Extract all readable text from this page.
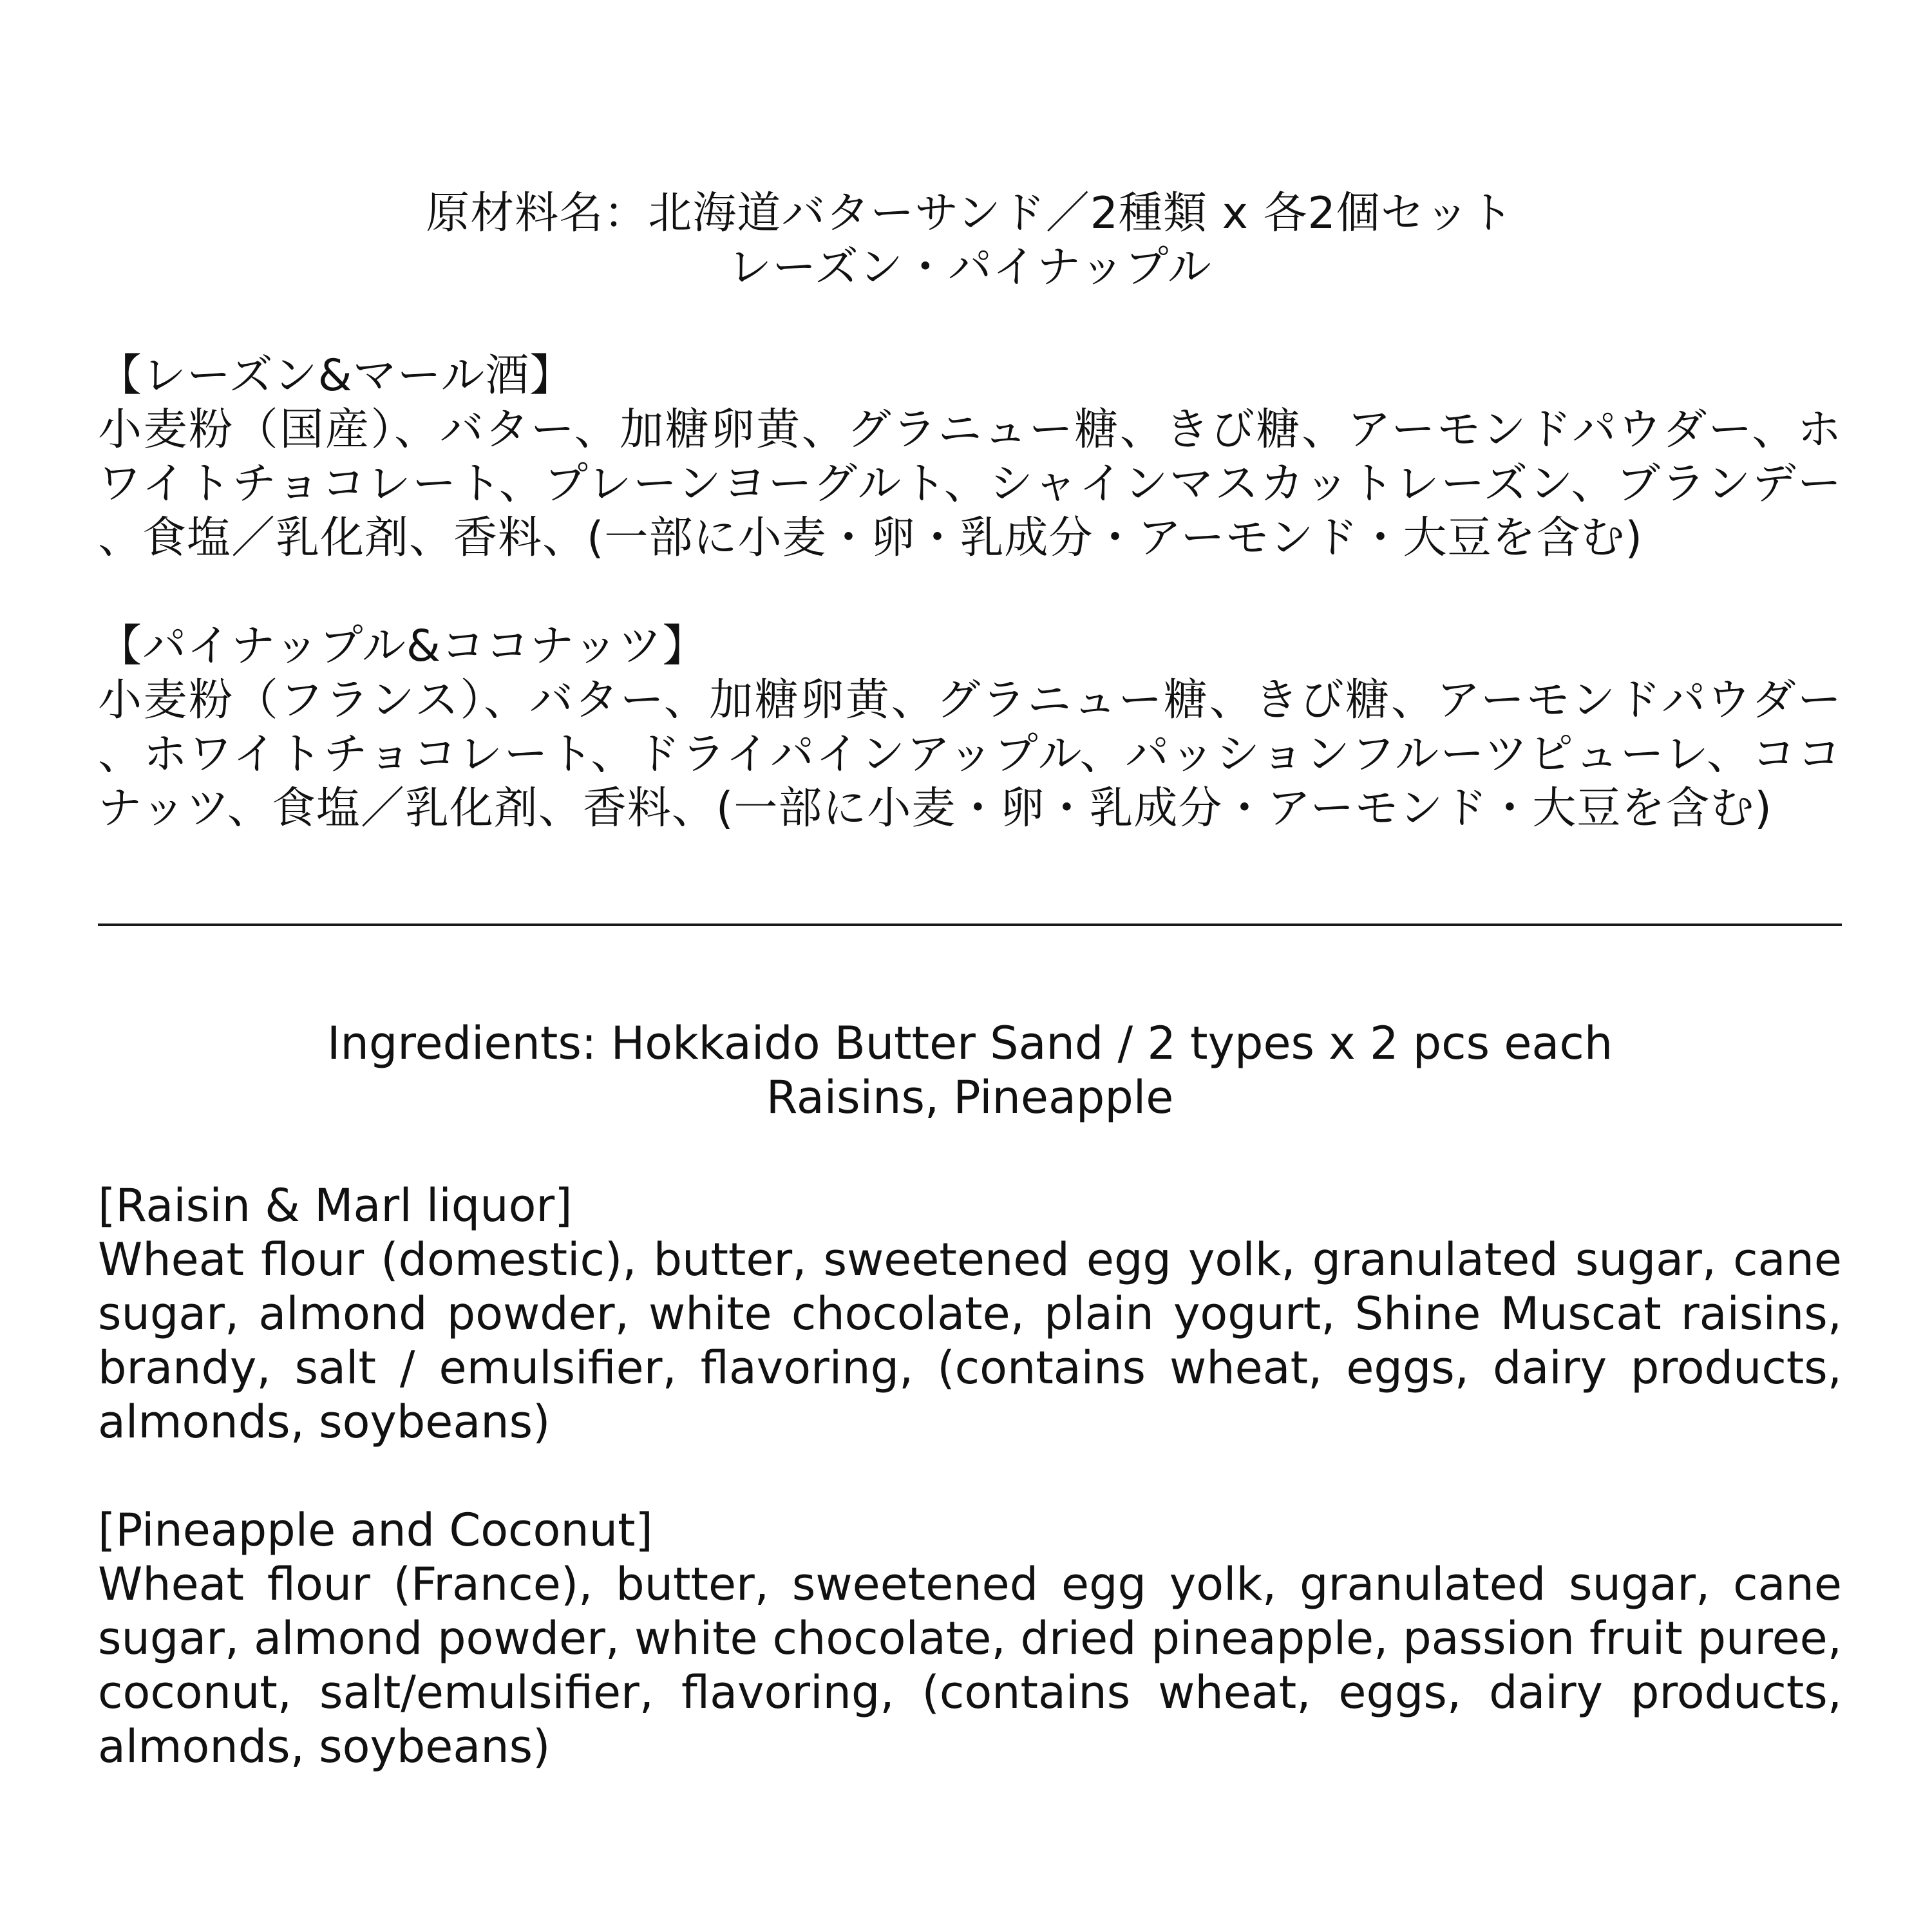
原材料名：北海道バターサンド／2種類 x 各2個セット
レーズン・パイナップル
【レーズン&マール酒】
小麦粉（国産）、バター、加糖卵黄、グラニュー糖、きび糖、アーモンドパウダー、ホワイトチョコレート、プレーンヨーグルト、シャインマスカットレーズン、ブランデー、食塩／乳化剤、香料、(一部に小麦・卵・乳成分・アーモンド・大豆を含む)
【パイナップル&ココナッツ】
小麦粉（フランス）、バター、加糖卵黄、グラニュー糖、きび糖、アーモンドパウダー、ホワイトチョコレート、ドライパインアップル、パッションフルーツピューレ、ココナッツ、食塩／乳化剤、香料、(一部に小麦・卵・乳成分・アーモンド・大豆を含む)
Ingredients: Hokkaido Butter Sand / 2 types x 2 pcs each
Raisins, Pineapple
[Raisin & Marl liquor]
Wheat flour (domestic), butter, sweetened egg yolk, granulated sugar, cane sugar, almond powder, white chocolate, plain yogurt, Shine Muscat raisins, brandy, salt / emulsifier, flavoring, (contains wheat, eggs, dairy products, almonds, soybeans)
[Pineapple and Coconut]
Wheat flour (France), butter, sweetened egg yolk, granulated sugar, cane sugar, almond powder, white chocolate, dried pineapple, passion fruit puree, coconut, salt/emulsifier, flavoring, (contains wheat, eggs, dairy products, almonds, soybeans)
